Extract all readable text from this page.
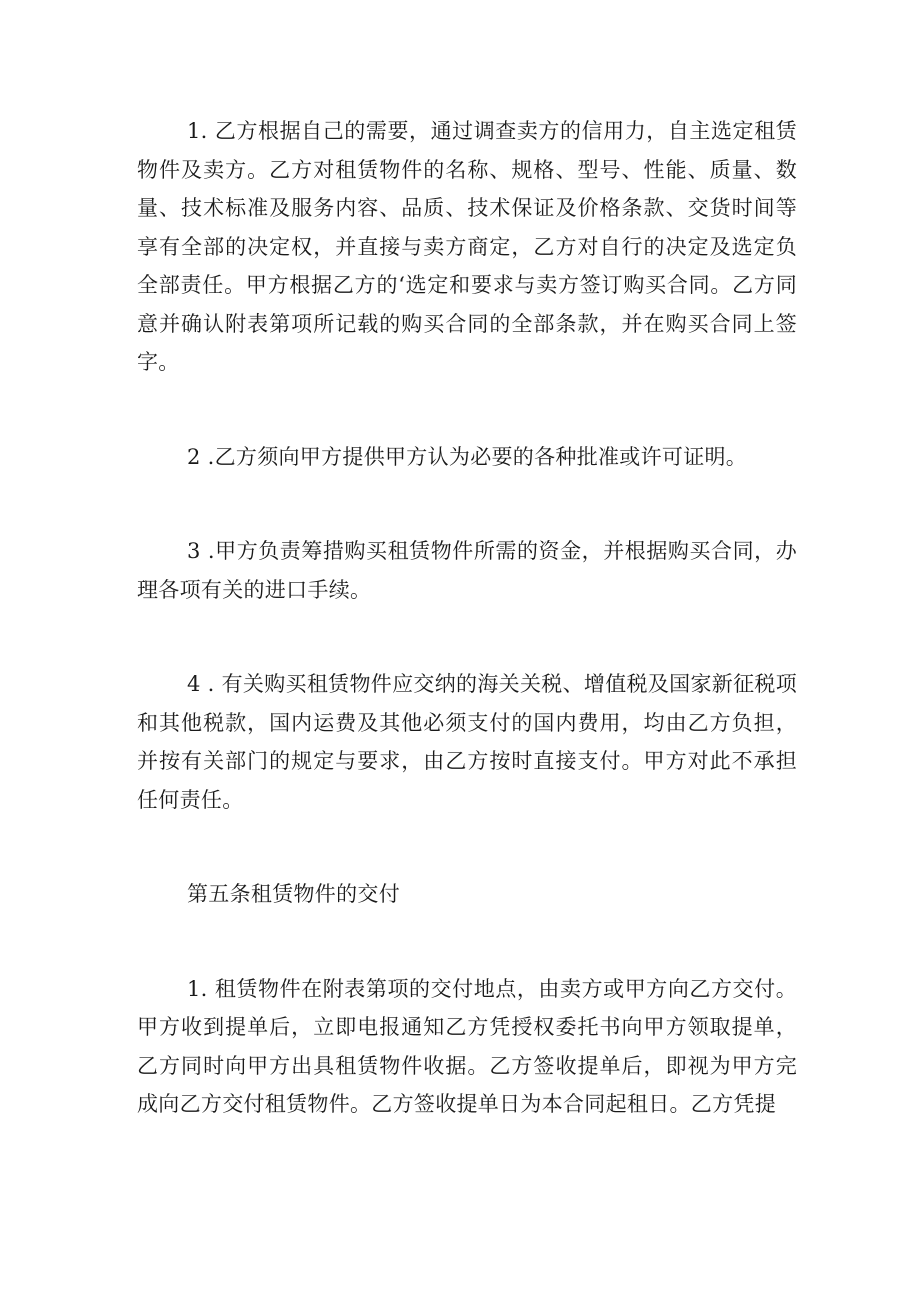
1. 乙方根据自己的需要，通过调查卖方的信用力，自主选定租赁物件及卖方。乙方对租赁物件的名称、规格、型号、性能、质量、数量、技术标准及服务内容、品质、技术保证及价格条款、交货时间等享有全部的决定权，并直接与卖方商定，乙方对自行的决定及选定负全部责任。甲方根据乙方的‘选定和要求与卖方签订购买合同。乙方同意并确认附表第项所记载的购买合同的全部条款，并在购买合同上签字。

2 .乙方须向甲方提供甲方认为必要的各种批准或许可证明。

3 .甲方负责筹措购买租赁物件所需的资金，并根据购买合同，办理各项有关的进口手续。

4 . 有关购买租赁物件应交纳的海关关税、增值税及国家新征税项和其他税款，国内运费及其他必须支付的国内费用，均由乙方负担，并按有关部门的规定与要求，由乙方按时直接支付。甲方对此不承担任何责任。

第五条租赁物件的交付

1. 租赁物件在附表第项的交付地点，由卖方或甲方向乙方交付。甲方收到提单后，立即电报通知乙方凭授权委托书向甲方领取提单，乙方同时向甲方出具租赁物件收据。乙方签收提单后，即视为甲方完成向乙方交付租赁物件。乙方签收提单日为本合同起租日。乙方凭提
